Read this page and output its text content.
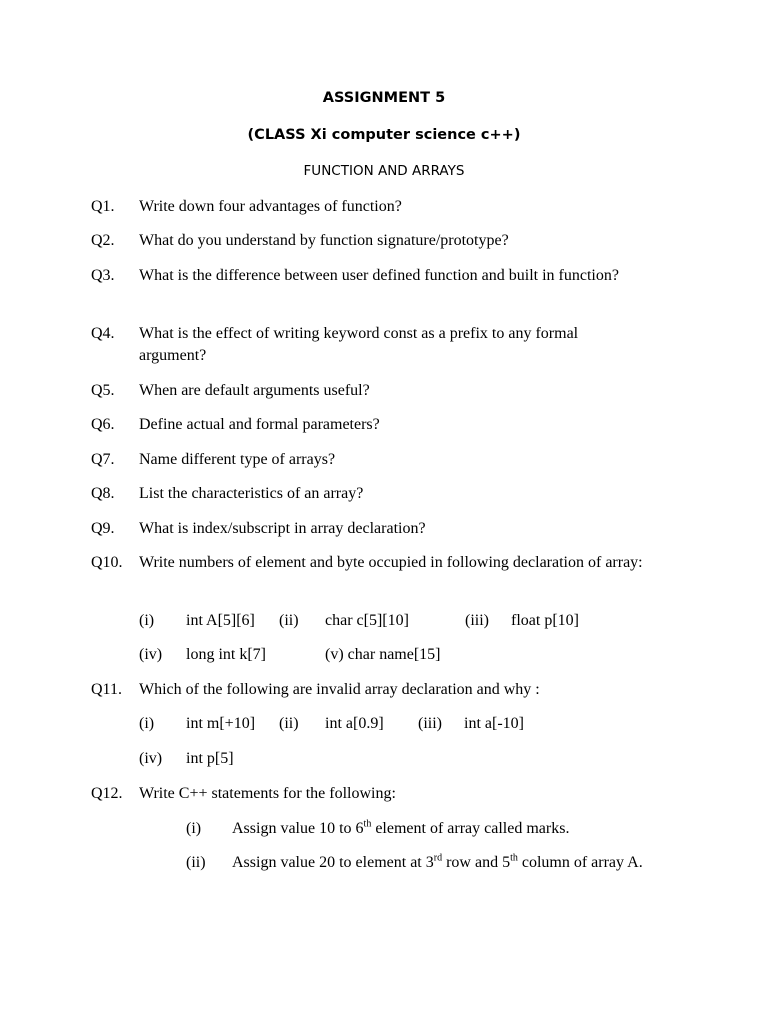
ASSIGNMENT 5
(CLASS Xi computer science c++)
FUNCTION AND ARRAYS
Q1. Write down four advantages of function?
Q2. What do you understand by function signature/prototype?
Q3. What is the difference between user defined function and built in function?
Q4. What is the effect of writing keyword const as a prefix to any formal argument?
Q5. When are default arguments useful?
Q6. Define actual and formal parameters?
Q7. Name different type of arrays?
Q8. List the characteristics of an array?
Q9. What is index/subscript in array declaration?
Q10. Write numbers of element and byte occupied in following declaration of array:
(i) int A[5][6] (ii) char c[5][10]	(iii) float p[10]
(iv) long int k[7]	(v) char name[15]
Q11. Which of the following are invalid array declaration and why :
(i) int m[+10] (ii) int a[0.9] (iii) int a[-10]
(iv) int p[5]
Q12. Write C++ statements for the following:
(i) Assign value 10 to 6th element of array called marks.
(ii) Assign value 20 to element at 3rd row and 5th column of array A.
